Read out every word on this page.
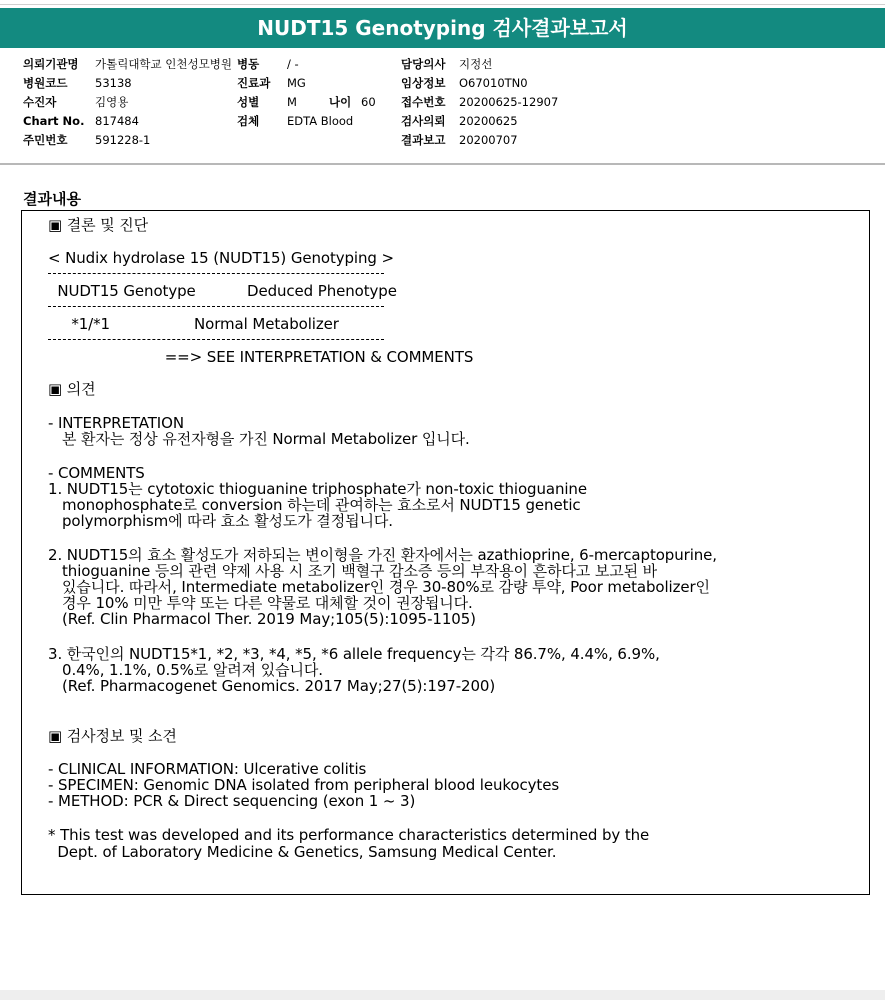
NUDT15 Genotyping 검사결과보고서
의뢰기관명 가톨릭대학교 인천성모병원
병원코드 53138
수진자	김영용
Chart No. 817484
주민번호 591228-1
병동 / -
진료과 MG
성별 M	나이 60
검체 EDTA Blood
담당의사 지정선
임상정보 O67010TN0
접수번호 20200625-12907
검사의뢰 20200625
결과보고 20200707
결과내용
▣ 결론 및 진단
< Nudix hydrolase 15 (NUDT15) Genotyping >
NUDT15 Genotype           Deduced Phenotype
*1/*1                  Normal Metabolizer
==> SEE INTERPRETATION & COMMENTS
▣ 의견
- INTERPRETATION
본 환자는 정상 유전자형을 가진 Normal Metabolizer 입니다.
- COMMENTS
1. NUDT15는 cytotoxic thioguanine triphosphate가 non-toxic thioguanine
monophosphate로 conversion 하는데 관여하는 효소로서 NUDT15 genetic
polymorphism에 따라 효소 활성도가 결정됩니다.
2. NUDT15의 효소 활성도가 저하되는 변이형을 가진 환자에서는 azathioprine, 6-mercaptopurine,
thioguanine 등의 관련 약제 사용 시 조기 백혈구 감소증 등의 부작용이 흔하다고 보고된 바
있습니다. 따라서, Intermediate metabolizer인 경우 30-80%로 감량 투약, Poor metabolizer인
경우 10% 미만 투약 또는 다른 약물로 대체할 것이 권장됩니다.
(Ref. Clin Pharmacol Ther. 2019 May;105(5):1095-1105)
3. 한국인의 NUDT15*1, *2, *3, *4, *5, *6 allele frequency는 각각 86.7%, 4.4%, 6.9%,
0.4%, 1.1%, 0.5%로 알려져 있습니다.
(Ref. Pharmacogenet Genomics. 2017 May;27(5):197-200)
▣ 검사정보 및 소견
- CLINICAL INFORMATION: Ulcerative colitis
- SPECIMEN: Genomic DNA isolated from peripheral blood leukocytes
- METHOD: PCR & Direct sequencing (exon 1 ~ 3)
* This test was developed and its performance characteristics determined by the
Dept. of Laboratory Medicine & Genetics, Samsung Medical Center.
